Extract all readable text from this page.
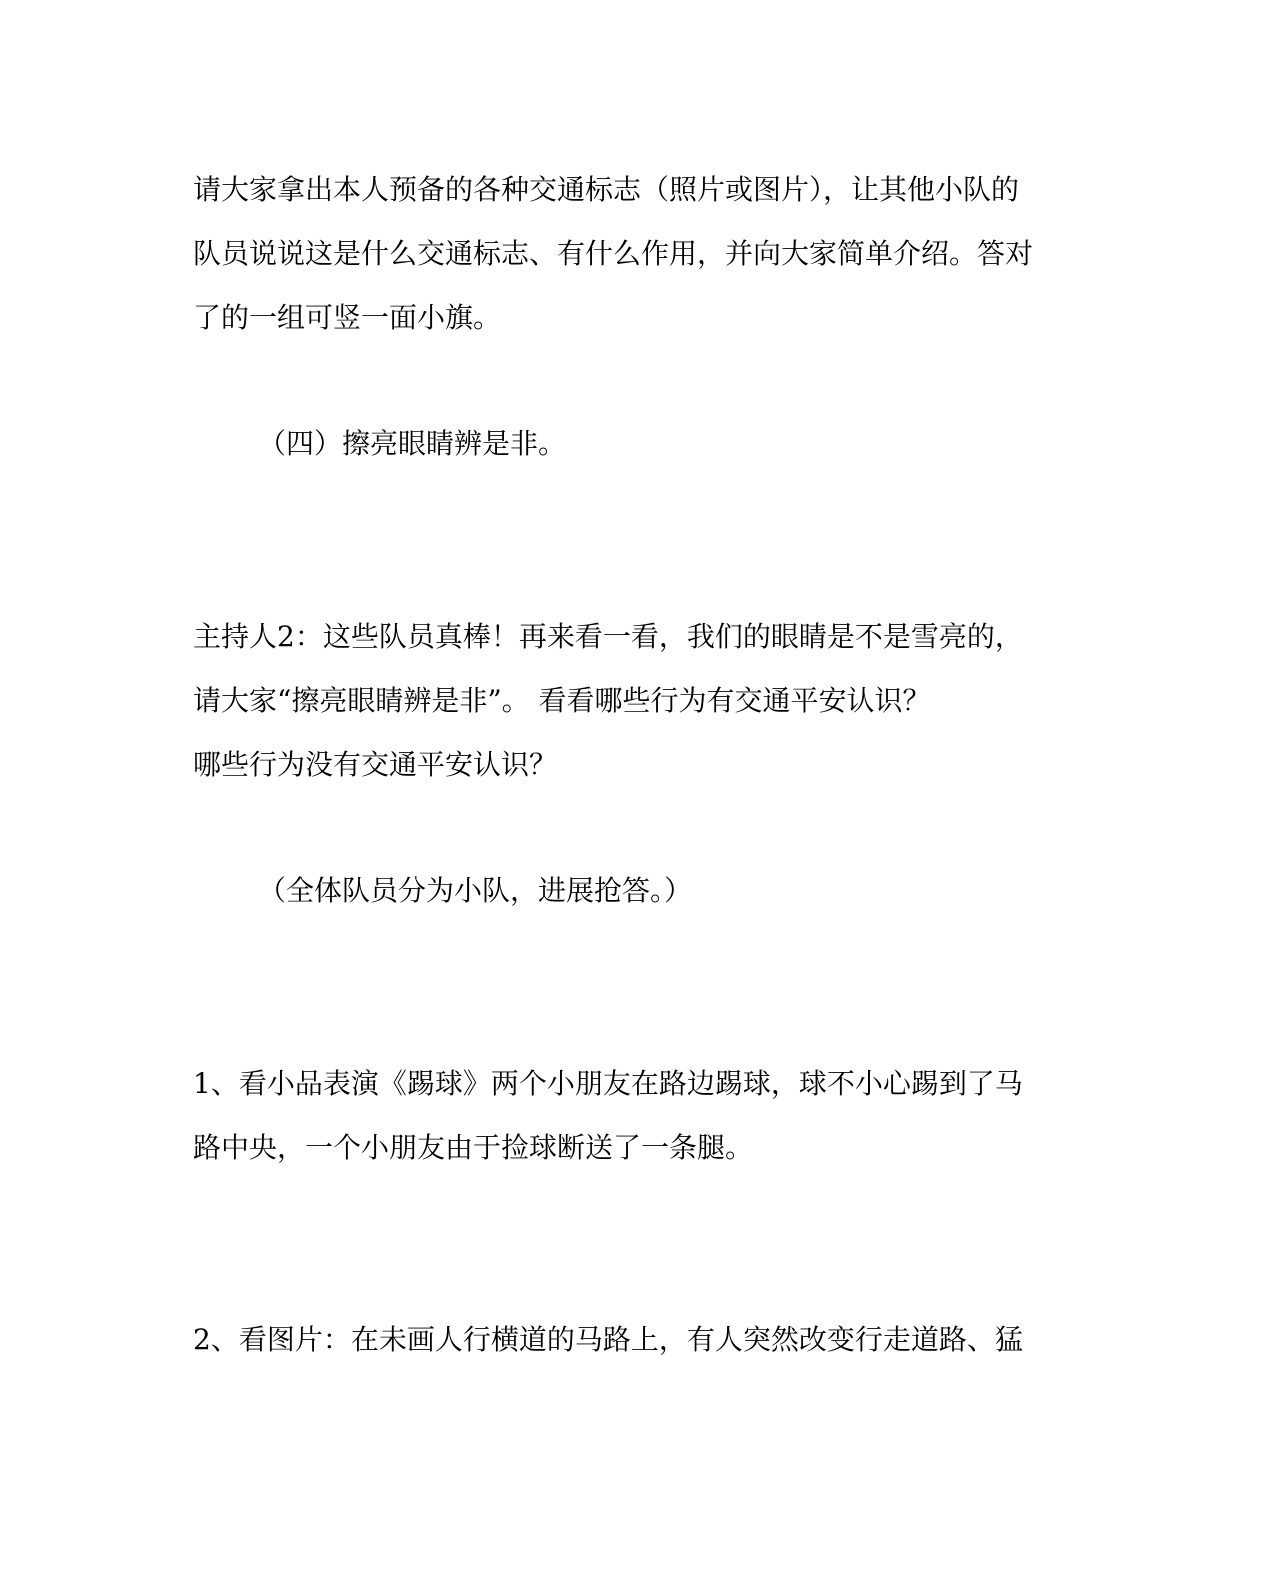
请大家拿出本人预备的各种交通标志（照片或图片），让其他小队的
队员说说这是什么交通标志、有什么作用，并向大家简单介绍。答对
了的一组可竖一面小旗。
（四）擦亮眼睛辨是非。
主持人2：这些队员真棒！再来看一看，我们的眼睛是不是雪亮的，
请大家“擦亮眼睛辨是非”。 看看哪些行为有交通平安认识？
哪些行为没有交通平安认识？
（全体队员分为小队，进展抢答。）
1、看小品表演《踢球》两个小朋友在路边踢球，球不小心踢到了马
路中央，一个小朋友由于捡球断送了一条腿。
2、看图片：在未画人行横道的马路上，有人突然改变行走道路、猛
